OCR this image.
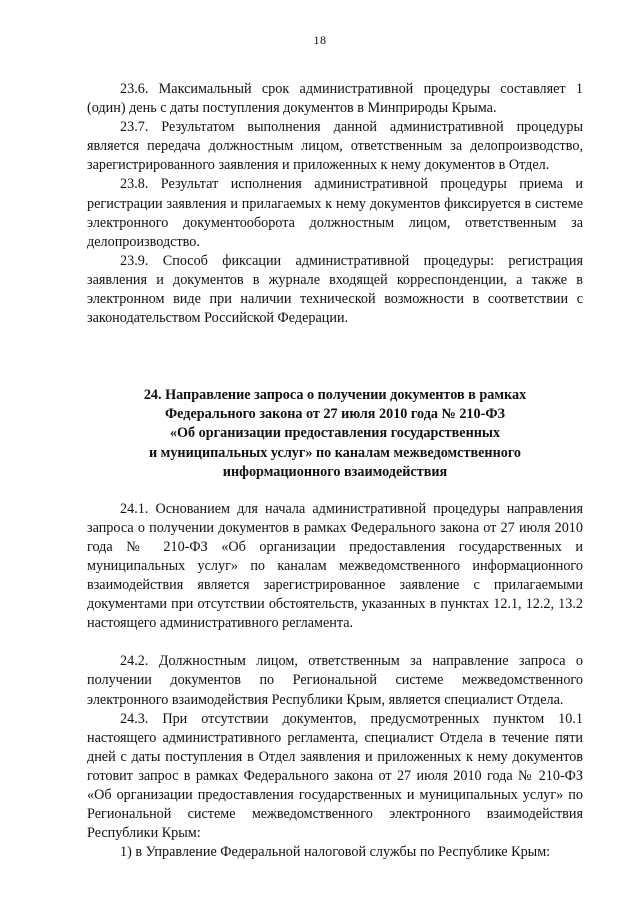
18

23.6. Максимальный срок административной процедуры составляет 1 (один) день с даты поступления документов в Минприроды Крыма.

23.7. Результатом выполнения данной административной процедуры является передача должностным лицом, ответственным за делопроизводство, зарегистрированного заявления и приложенных к нему документов в Отдел.

23.8. Результат исполнения административной процедуры приема и регистрации заявления и прилагаемых к нему документов фиксируется в системе электронного документооборота должностным лицом, ответственным за делопроизводство.

23.9. Способ фиксации административной процедуры: регистрация заявления и документов в журнале входящей корреспонденции, а также в электронном виде при наличии технической возможности в соответствии с законодательством Российской Федерации.

24. Направление запроса о получении документов в рамках
Федерального закона от 27 июля 2010 года № 210-ФЗ
«Об организации предоставления государственных
и муниципальных услуг» по каналам межведомственного
информационного взаимодействия

24.1. Основанием для начала административной процедуры направления запроса о получении документов в рамках Федерального закона от 27 июля 2010 года № 210-ФЗ «Об организации предоставления государственных и муниципальных услуг» по каналам межведомственного информационного взаимодействия является зарегистрированное заявление с прилагаемыми документами при отсутствии обстоятельств, указанных в пунктах 12.1, 12.2, 13.2 настоящего административного регламента.

24.2. Должностным лицом, ответственным за направление запроса о получении документов по Региональной системе межведомственного электронного взаимодействия Республики Крым, является специалист Отдела.

24.3. При отсутствии документов, предусмотренных пунктом 10.1 настоящего административного регламента, специалист Отдела в течение пяти дней с даты поступления в Отдел заявления и приложенных к нему документов готовит запрос в рамках Федерального закона от 27 июля 2010 года № 210-ФЗ «Об организации предоставления государственных и муниципальных услуг» по Региональной системе межведомственного электронного взаимодействия Республики Крым:

1) в Управление Федеральной налоговой службы по Республике Крым:
